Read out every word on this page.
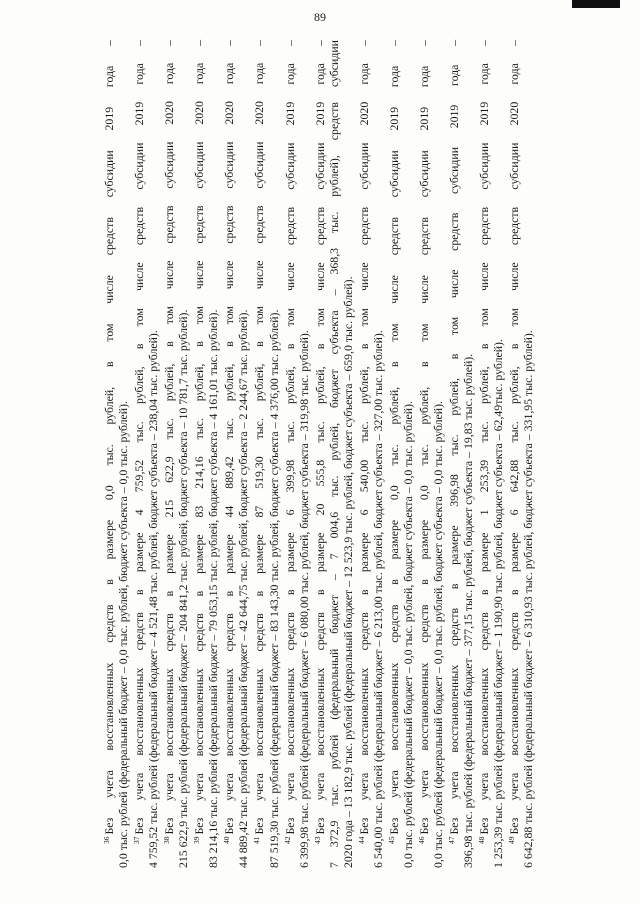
89

$^{36}$Без учета восстановленных средств в размере 0,0 тыс. рублей, в том числе средств субсидии 2019 года – 0,0 тыс. рублей (федеральный бюджет – 0,0 тыс. рублей, бюджет субъекта – 0,0 тыс. рублей). $^{37}$Без учета восстановленных средств в размере 4 759,52 тыс. рублей, в том числе средств субсидии 2019 года – 4 759,52 тыс. рублей (федеральный бюджет – 4 521,48 тыс. рублей, бюджет субъекта – 238,04 тыс. рублей). $^{38}$Без учета восстановленных средств в размере 215 622,9 тыс. рублей, в том числе средств субсидии 2020 года – 215 622,9 тыс. рублей (федеральный бюджет – 204 841,2 тыс. рублей, бюджет субъекта – 10 781,7 тыс. рублей). $^{39}$Без учета восстановленных средств в размере 83 214,16 тыс. рублей, в том числе средств субсидии 2020 года – 83 214,16 тыс. рублей (федеральный бюджет – 79 053,15 тыс. рублей, бюджет субъекта – 4 161,01 тыс. рублей). $^{40}$Без учета восстановленных средств в размере 44 889,42 тыс. рублей, в том числе средств субсидии 2020 года – 44 889,42 тыс. рублей (федеральный бюджет – 42 644,75 тыс. рублей, бюджет субъекта – 2 244,67 тыс. рублей). $^{41}$Без учета восстановленных средств в размере 87 519,30 тыс. рублей, в том числе средств субсидии 2020 года – 87 519,30 тыс. рублей (федеральный бюджет – 83 143,30 тыс. рублей, бюджет субъекта – 4 376,00 тыс. рублей). $^{42}$Без учета восстановленных средств в размере 6 399,98 тыс. рублей, в том числе средств субсидии 2019 года – 6 399,98 тыс. рублей (федеральный бюджет – 6 080,00 тыс. рублей, бюджет субъекта – 319,98 тыс. рублей). $^{43}$Без учета восстановленных средств в размере 20 555,8 тыс. рублей, в том числе средств субсидии 2019 года – 7 372,9 тыс. рублей (федеральный бюджет – 7 004,6 тыс. рублей, бюджет субъекта – 368,3 тыс. рублей), средств субсидии 2020 года – 13 182,9 тыс. рублей (федеральный бюджет – 12 523,9 тыс. рублей, бюджет субъекта – 659,0 тыс. рублей). $^{44}$Без учета восстановленных средств в размере 6 540,00 тыс. рублей, в том числе средств субсидии 2020 года – 6 540,00 тыс. рублей (федеральный бюджет – 6 213,00 тыс. рублей, бюджет субъекта – 327,00 тыс. рублей). $^{45}$Без учета восстановленных средств в размере 0,0 тыс. рублей, в том числе средств субсидии 2019 года – 0,0 тыс. рублей (федеральный бюджет – 0,0 тыс. рублей, бюджет субъекта – 0,0 тыс. рублей). $^{46}$Без учета восстановленных средств в размере 0,0 тыс. рублей, в том числе средств субсидии 2019 года – 0,0 тыс. рублей (федеральный бюджет – 0,0 тыс. рублей, бюджет субъекта – 0,0 тыс. рублей). $^{47}$Без учета восстановленных средств в размере 396,98 тыс. рублей, в том числе средств субсидии 2019 года – 396,98 тыс. рублей (федеральный бюджет – 377,15 тыс. рублей, бюджет субъекта – 19,83 тыс. рублей). $^{48}$Без учета восстановленных средств в размере 1 253,39 тыс. рублей, в том числе средств субсидии 2019 года – 1 253,39 тыс. рублей (федеральный бюджет – 1 190,90 тыс. рублей, бюджет субъекта – 62,49тыс. рублей). $^{49}$Без учета восстановленных средств в размере 6 642,88 тыс. рублей, в том числе средств субсидии 2020 года – 6 642,88 тыс. рублей (федеральный бюджет – 6 310,93 тыс. рублей, бюджет субъекта – 331,95 тыс. рублей).
